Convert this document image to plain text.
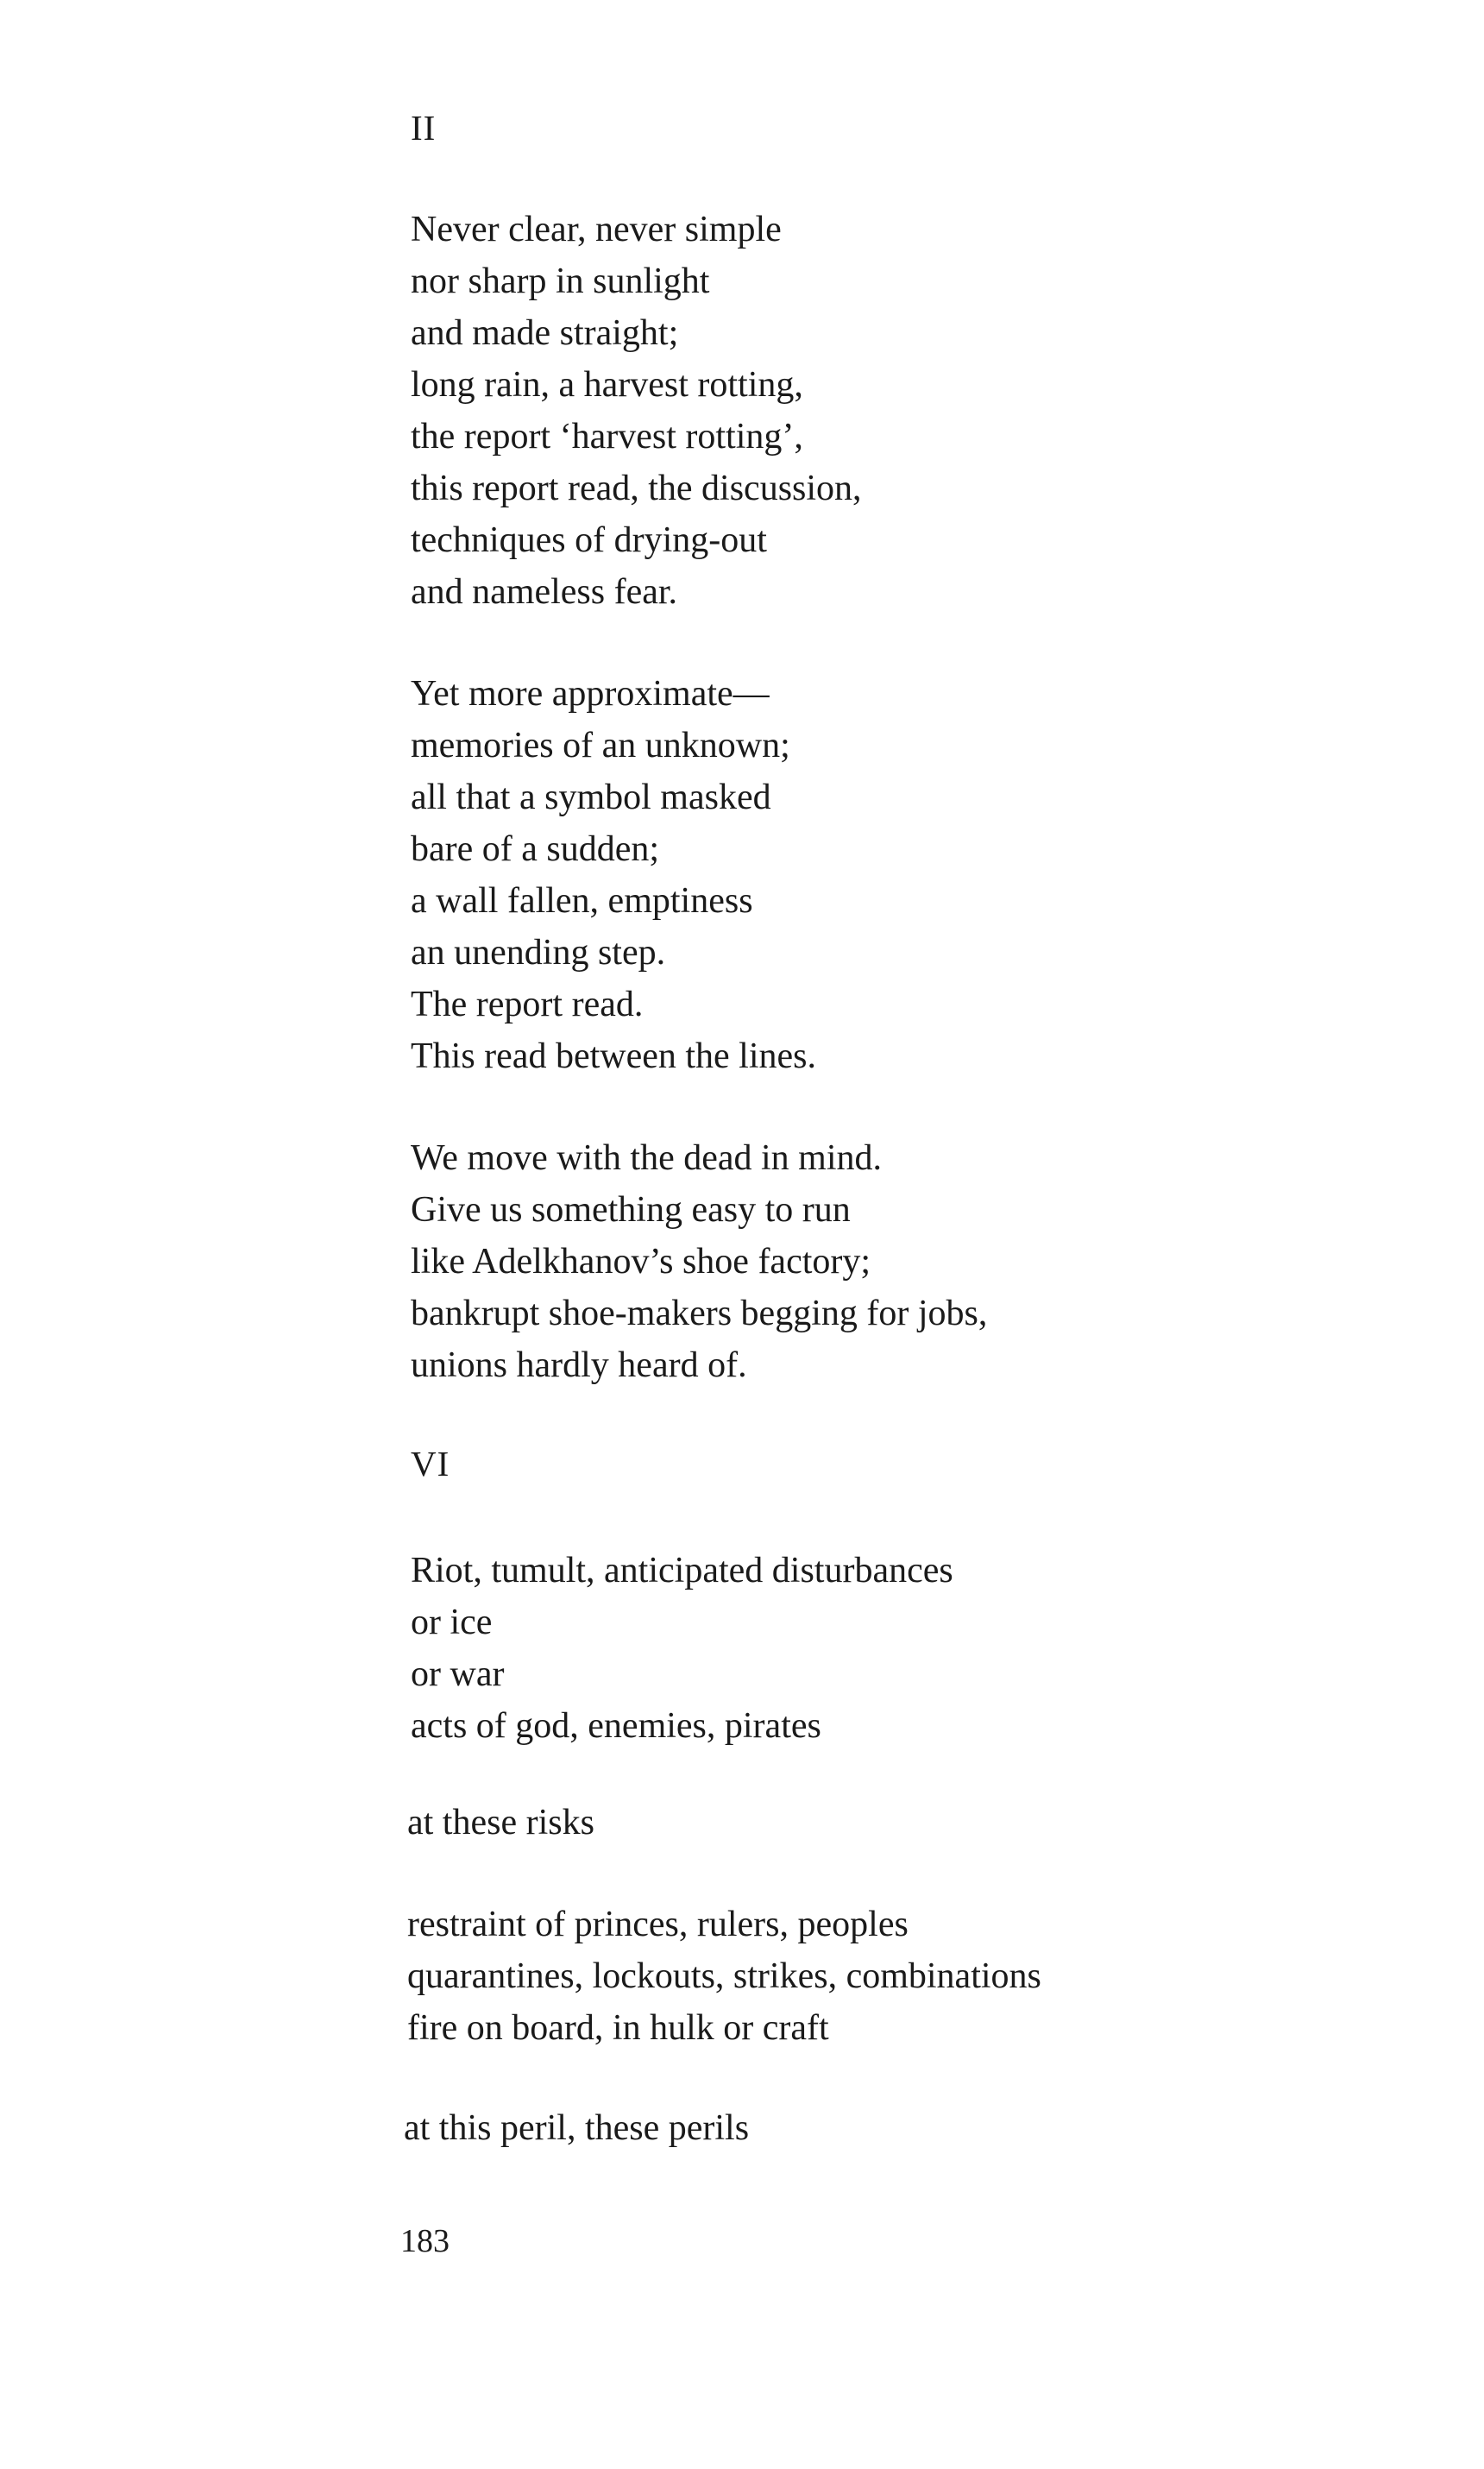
II
Never clear, never simple
nor sharp in sunlight
and made straight;
long rain, a harvest rotting,
the report ‘harvest rotting’,
this report read, the discussion,
techniques of drying-out
and nameless fear.
Yet more approximate—
memories of an unknown;
all that a symbol masked
bare of a sudden;
a wall fallen, emptiness
an unending step.
The report read.
This read between the lines.
We move with the dead in mind.
Give us something easy to run
like Adelkhanov’s shoe factory;
bankrupt shoe-makers begging for jobs,
unions hardly heard of.
VI
Riot, tumult, anticipated disturbances
or ice
or war
acts of god, enemies, pirates
at these risks
restraint of princes, rulers, peoples
quarantines, lockouts, strikes, combinations
fire on board, in hulk or craft
at this peril, these perils
183
